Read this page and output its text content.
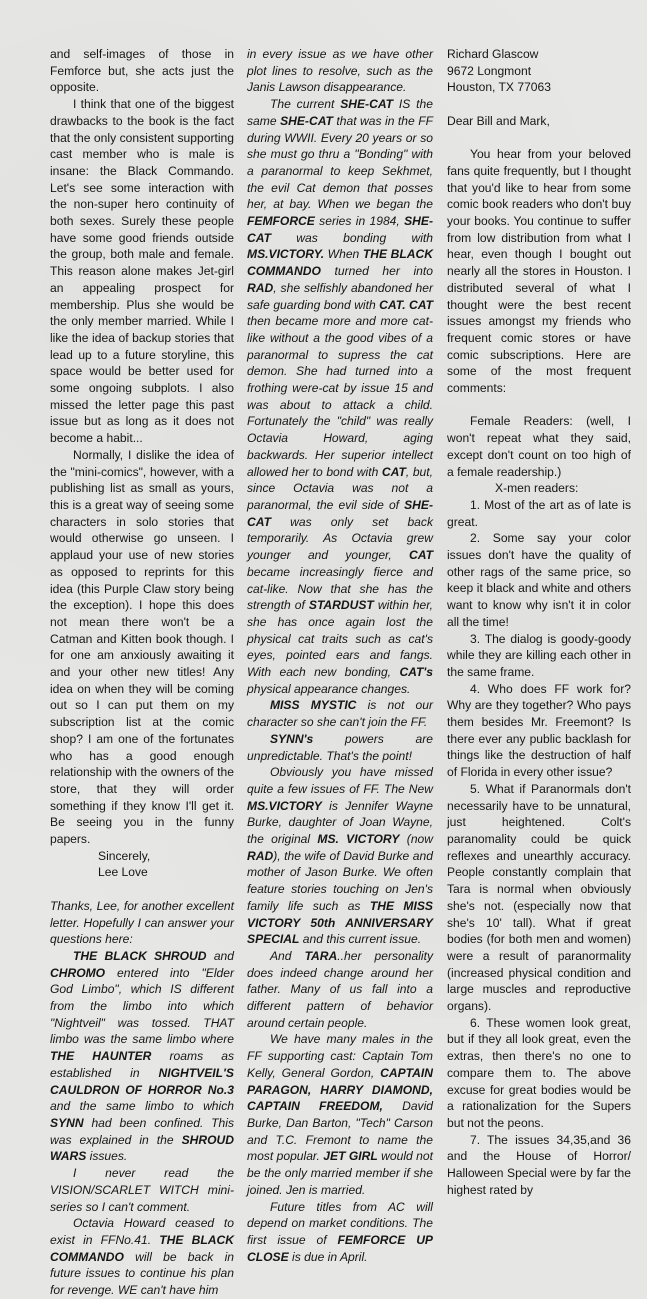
and self-images of those in Femforce but, she acts just the opposite.

I think that one of the biggest drawbacks to the book is the fact that the only consistent supporting cast member who is male is insane: the Black Commando. Let's see some interaction with the non-super hero continuity of both sexes. Surely these people have some good friends outside the group, both male and female. This reason alone makes Jet-girl an appealing prospect for membership. Plus she would be the only member married. While I like the idea of backup stories that lead up to a future storyline, this space would be better used for some ongoing subplots. I also missed the letter page this past issue but as long as it does not become a habit...

Normally, I dislike the idea of the "mini-comics", however, with a publishing list as small as yours, this is a great way of seeing some characters in solo stories that would otherwise go unseen. I applaud your use of new stories as opposed to reprints for this idea (this Purple Claw story being the exception). I hope this does not mean there won't be a Catman and Kitten book though. I for one am anxiously awaiting it and your other new titles! Any idea on when they will be coming out so I can put them on my subscription list at the comic shop? I am one of the fortunates who has a good enough relationship with the owners of the store, that they will order something if they know I'll get it. Be seeing you in the funny papers.

Sincerely,

Lee Love

Thanks, Lee, for another excellent letter. Hopefully I can answer your questions here:

THE BLACK SHROUD and CHROMO entered into "Elder God Limbo", which IS different from the limbo into which "Nightveil" was tossed. THAT limbo was the same limbo where THE HAUNTER roams as established in NIGHTVEIL'S CAULDRON OF HORROR No.3 and the same limbo to which SYNN had been confined. This was explained in the SHROUD WARS issues.

I never read the VISION/SCARLET WITCH mini-series so I can't comment.

Octavia Howard ceased to exist in FFNo.41. THE BLACK COMMANDO will be back in future issues to continue his plan for revenge. WE can't have him

in every issue as we have other plot lines to resolve, such as the Janis Lawson disappearance.

The current SHE-CAT IS the same SHE-CAT that was in the FF during WWII. Every 20 years or so she must go thru a "Bonding" with a paranormal to keep Sekhmet, the evil Cat demon that posses her, at bay. When we began the FEMFORCE series in 1984, SHE-CAT was bonding with MS.VICTORY. When THE BLACK COMMANDO turned her into RAD, she selfishly abandoned her safe guarding bond with CAT. CAT then became more and more cat-like without a the good vibes of a paranormal to supress the cat demon. She had turned into a frothing were-cat by issue 15 and was about to attack a child. Fortunately the "child" was really Octavia Howard, aging backwards. Her superior intellect allowed her to bond with CAT, but, since Octavia was not a paranormal, the evil side of SHE-CAT was only set back temporarily. As Octavia grew younger and younger, CAT became increasingly fierce and cat-like. Now that she has the strength of STARDUST within her, she has once again lost the physical cat traits such as cat's eyes, pointed ears and fangs. With each new bonding, CAT's physical appearance changes.

MISS MYSTIC is not our character so she can't join the FF.

SYNN's powers are unpredictable. That's the point!

Obviously you have missed quite a few issues of FF. The New MS.VICTORY is Jennifer Wayne Burke, daughter of Joan Wayne, the original MS. VICTORY (now RAD), the wife of David Burke and mother of Jason Burke. We often feature stories touching on Jen's family life such as THE MISS VICTORY 50th ANNIVERSARY SPECIAL and this current issue.

And TARA..her personality does indeed change around her father. Many of us fall into a different pattern of behavior around certain people.

We have many males in the FF supporting cast: Captain Tom Kelly, General Gordon, CAPTAIN PARAGON, HARRY DIAMOND, CAPTAIN FREEDOM, David Burke, Dan Barton, "Tech" Carson and T.C. Fremont to name the most popular. JET GIRL would not be the only married member if she joined. Jen is married.

Future titles from AC will depend on market conditions. The first issue of FEMFORCE UP CLOSE is due in April.

Richard Glascow

9672 Longmont

Houston, TX 77063

Dear Bill and Mark,

You hear from your beloved fans quite frequently, but I thought that you'd like to hear from some comic book readers who don't buy your books. You continue to suffer from low distribution from what I hear, even though I bought out nearly all the stores in Houston. I distributed several of what I thought were the best recent issues amongst my friends who frequent comic stores or have comic subscriptions. Here are some of the most frequent comments:

Female Readers: (well, I won't repeat what they said, except don't count on too high of a female readership.)

X-men readers:

1. Most of the art as of late is great.

2. Some say your color issues don't have the quality of other rags of the same price, so keep it black and white and others want to know why isn't it in color all the time!

3. The dialog is goody-goody while they are killing each other in the same frame.

4. Who does FF work for? Why are they together? Who pays them besides Mr. Freemont? Is there ever any public backlash for things like the destruction of half of Florida in every other issue?

5. What if Paranormals don't necessarily have to be unnatural, just heightened. Colt's paranomality could be quick reflexes and unearthly accuracy. People constantly complain that Tara is normal when obviously she's not. (especially now that she's 10' tall). What if great bodies (for both men and women) were a result of paranormality (increased physical condition and large muscles and reproductive organs).

6. These women look great, but if they all look great, even the extras, then there's no one to compare them to. The above excuse for great bodies would be a rationalization for the Supers but not the peons.

7. The issues 34,35,and 36 and the House of Horror/ Halloween Special were by far the highest rated by
